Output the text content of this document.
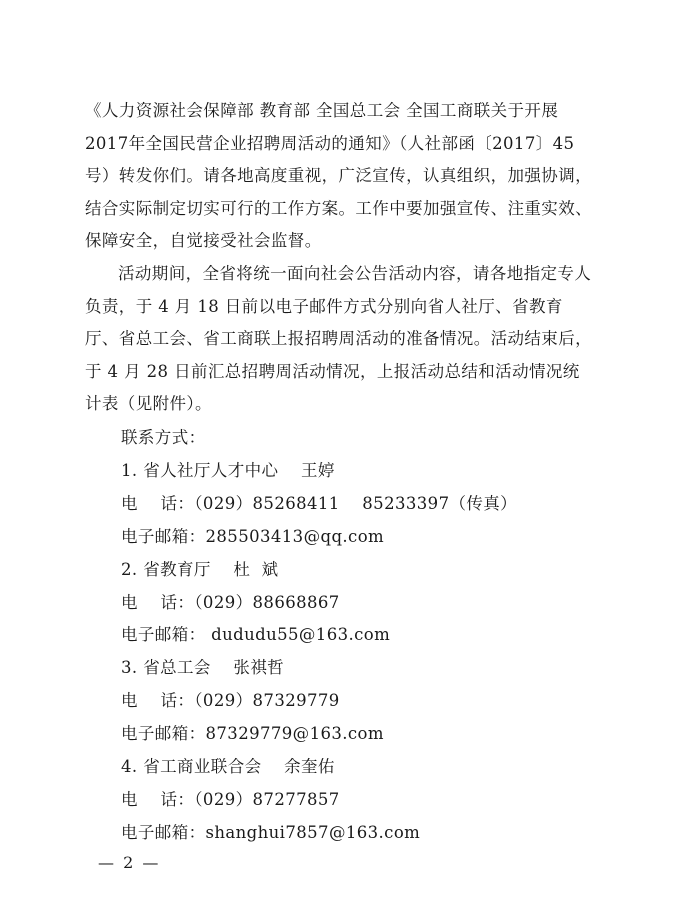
《人力资源社会保障部 教育部 全国总工会 全国工商联关于开展2017年全国民营企业招聘周活动的通知》（人社部函〔2017〕45 号）转发你们。请各地高度重视，广泛宣传，认真组织，加强协调，结合实际制定切实可行的工作方案。工作中要加强宣传、注重实效、保障安全，自觉接受社会监督。

活动期间，全省将统一面向社会公告活动内容，请各地指定专人负责，于 4 月 18 日前以电子邮件方式分别向省人社厅、省教育厅、省总工会、省工商联上报招聘周活动的准备情况。活动结束后，于 4 月 28 日前汇总招聘周活动情况，上报活动总结和活动情况统计表（见附件）。

联系方式：
1. 省人社厅人才中心    王婷
电    话：（029）85268411    85233397（传真）
电子邮箱：285503413@qq.com
2. 省教育厅    杜  斌
电    话：（029）88668867
电子邮箱： dududu55@163.com
3. 省总工会    张祺哲
电    话：（029）87329779
电子邮箱：87329779@163.com
4. 省工商业联合会    余奎佑
电    话：（029）87277857
电子邮箱：shanghui7857@163.com
— 2 —
